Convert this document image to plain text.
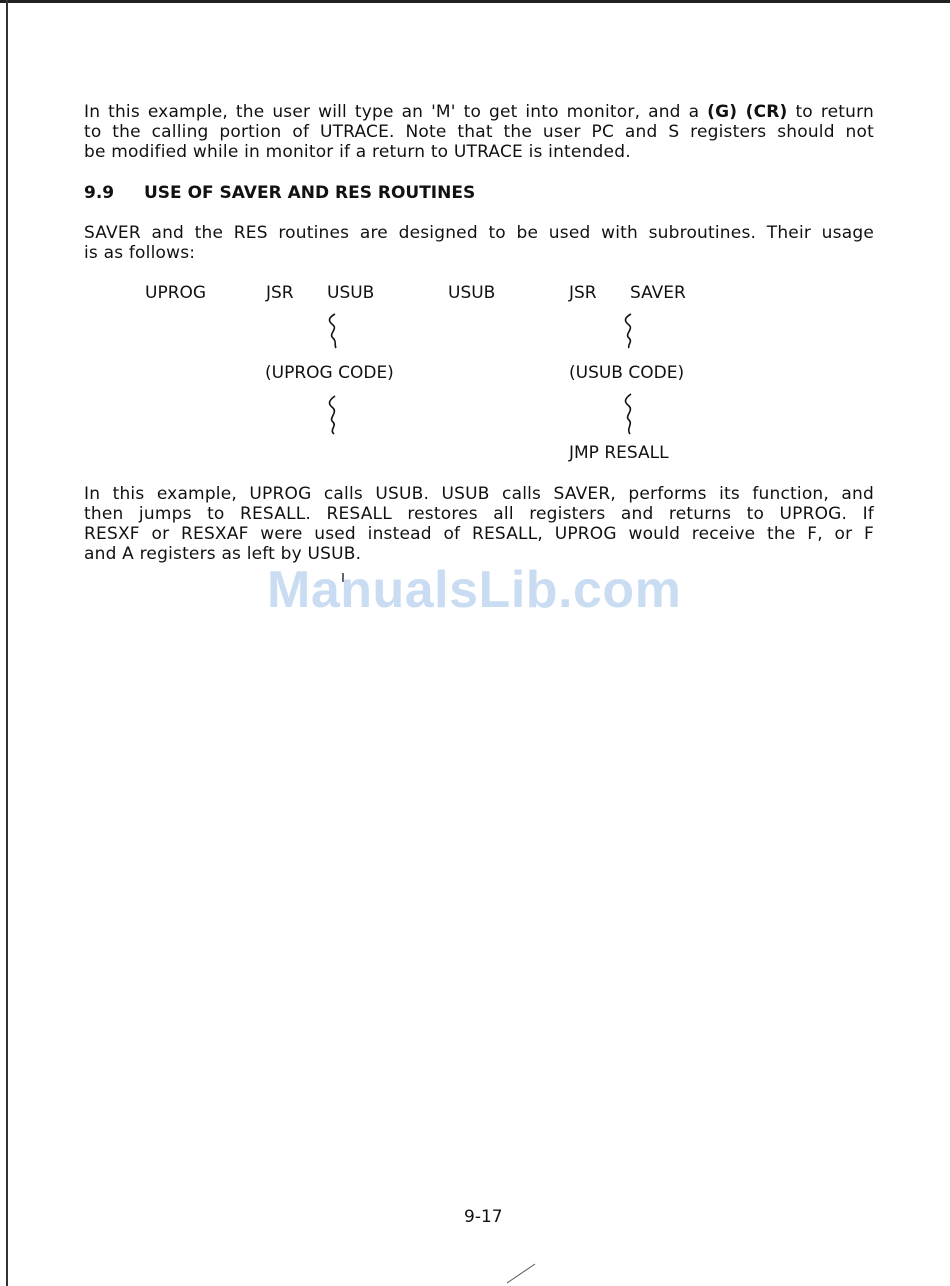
In this example, the user will type an 'M' to get into monitor, and a (G) (CR) to return
to the calling portion of UTRACE. Note that the user PC and S registers should not
be modified while in monitor if a return to UTRACE is intended.

9.9 USE OF SAVER AND RES ROUTINES

SAVER and the RES routines are designed to be used with subroutines. Their usage
is as follows:

UPROG	JSR USUB	USUB	JSR SAVER
(UPROG CODE)	(USUB CODE)
JMP RESALL

In this example, UPROG calls USUB. USUB calls SAVER, performs its function, and
then jumps to RESALL. RESALL restores all registers and returns to UPROG. If
RESXF or RESXAF were used instead of RESALL, UPROG would receive the F, or F
and A registers as left by USUB.

ManualsLib.com
9-17
